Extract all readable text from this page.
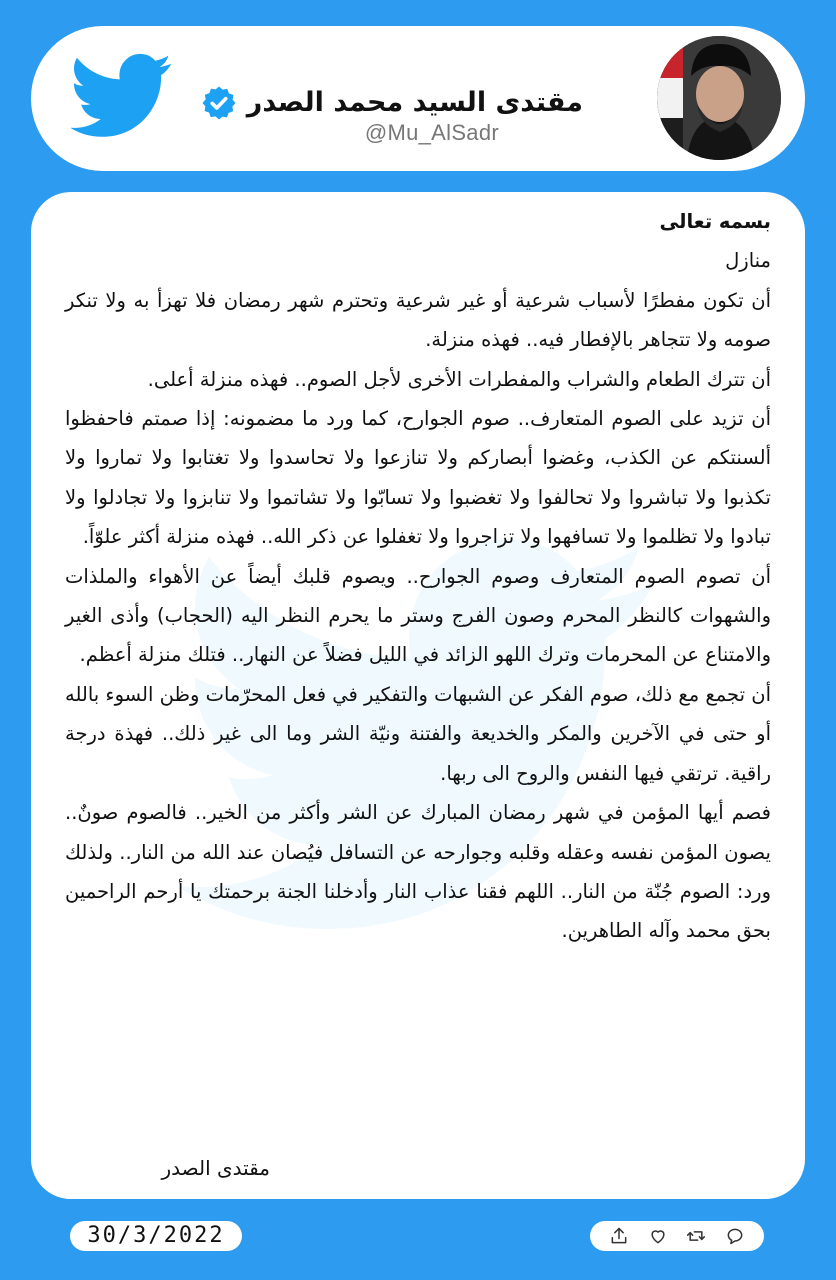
مقتدى السيد محمد الصدر
@Mu_AlSadr

بسمه تعالى

منازل

أن تكون مفطرًا لأسباب شرعية أو غير شرعية وتحترم شهر رمضان فلا تهزأ به ولا تنكر صومه ولا تتجاهر بالإفطار فيه.. فهذه منزلة.

أن تترك الطعام والشراب والمفطرات الأخرى لأجل الصوم.. فهذه منزلة أعلى.

أن تزيد على الصوم المتعارف.. صوم الجوارح، كما ورد ما مضمونه: إذا صمتم فاحفظوا ألسنتكم عن الكذب، وغضوا أبصاركم ولا تنازعوا ولا تحاسدوا ولا تغتابوا ولا تماروا ولا تكذبوا ولا تباشروا ولا تحالفوا ولا تغضبوا ولا تسابّوا ولا تشاتموا ولا تنابزوا ولا تجادلوا ولا تبادوا ولا تظلموا ولا تسافهوا ولا تزاجروا ولا تغفلوا عن ذكر الله.. فهذه منزلة أكثر علوّاً.

أن تصوم الصوم المتعارف وصوم الجوارح.. ويصوم قلبك أيضاً عن الأهواء والملذات والشهوات كالنظر المحرم وصون الفرج وستر ما يحرم النظر اليه (الحجاب) وأذى الغير والامتناع عن المحرمات وترك اللهو الزائد في الليل فضلاً عن النهار.. فتلك منزلة أعظم.

أن تجمع مع ذلك، صوم الفكر عن الشبهات والتفكير في فعل المحرّمات وظن السوء بالله أو حتى في الآخرين والمكر والخديعة والفتنة ونيّة الشر وما الى غير ذلك.. فهذة درجة راقية. ترتقي فيها النفس والروح الى ربها.

فصم أيها المؤمن في شهر رمضان المبارك عن الشر وأكثر من الخير.. فالصوم صونٌ.. يصون المؤمن نفسه وعقله وقلبه وجوارحه عن التسافل فيُصان عند الله من النار.. ولذلك ورد: الصوم جُنّة من النار.. اللهم فقنا عذاب النار وأدخلنا الجنة برحمتك يا أرحم الراحمين بحق محمد وآله الطاهرين.

مقتدى الصدر
30/3/2022
